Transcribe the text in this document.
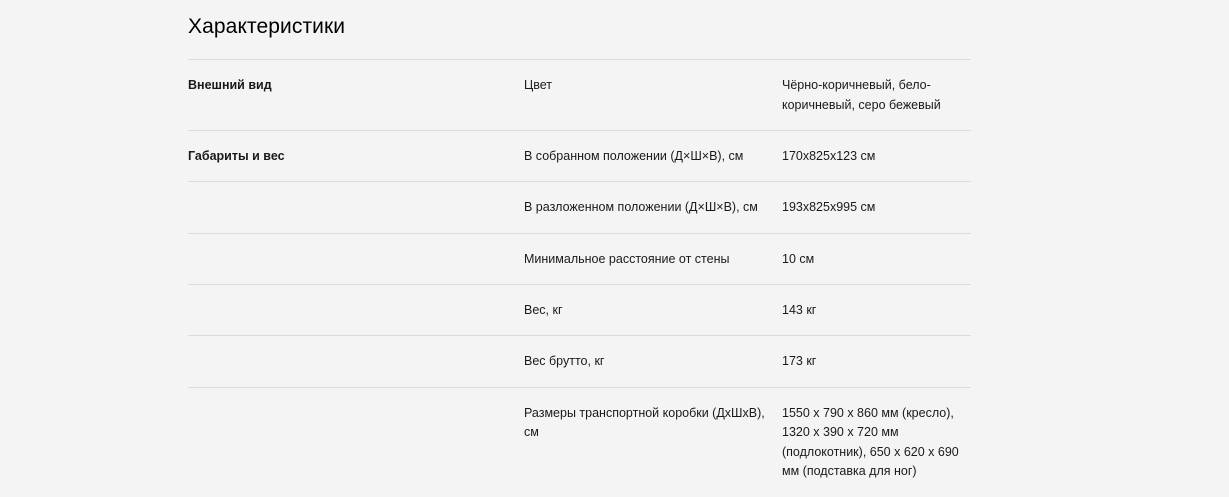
Характеристики
Внешний вид	Цвет	Чёрно-коричневый, бело-коричневый, серо бежевый
Габариты и вес	В собранном положении (Д×Ш×В), см	170х825х123 см
	В разложенном положении (Д×Ш×В), см	193х825х995 см
	Минимальное расстояние от стены	10 см
	Вес, кг	143 кг
	Вес брутто, кг	173 кг
	Размеры транспортной коробки (ДхШхВ), см	1550 х 790 х 860 мм (кресло), 1320 х 390 х 720 мм (подлокотник), 650 х 620 х 690 мм (подставка для ног)
